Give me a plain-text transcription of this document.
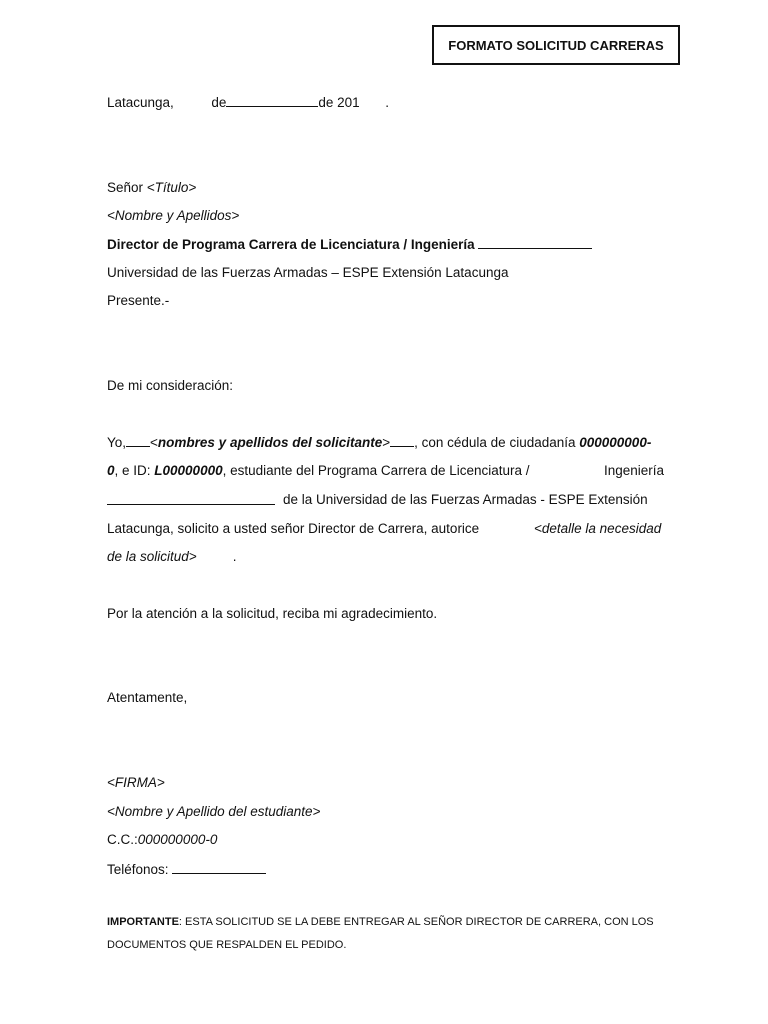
FORMATO SOLICITUD CARRERAS
Latacunga,	de	de 201 .
Señor <Título>
<Nombre y Apellidos>
Director de Programa Carrera de Licenciatura / Ingeniería
Universidad de las Fuerzas Armadas – ESPE Extensión Latacunga
Presente.-
De mi consideración:
Yo, <nombres y apellidos del solicitante> , con cédula de ciudadanía 000000000-
0, e ID: L00000000, estudiante del Programa Carrera de Licenciatura /	Ingeniería
de la Universidad de las Fuerzas Armadas - ESPE Extensión
Latacunga, solicito a usted señor Director de Carrera, autorice	<detalle la necesidad
de la solicitud>	.
Por la atención a la solicitud, reciba mi agradecimiento.
Atentamente,
<FIRMA>
<Nombre y Apellido del estudiante>
C.C.:000000000-0
Teléfonos:
IMPORTANTE: ESTA SOLICITUD SE LA DEBE ENTREGAR AL SEÑOR DIRECTOR DE CARRERA, CON LOS
DOCUMENTOS QUE RESPALDEN EL PEDIDO.
